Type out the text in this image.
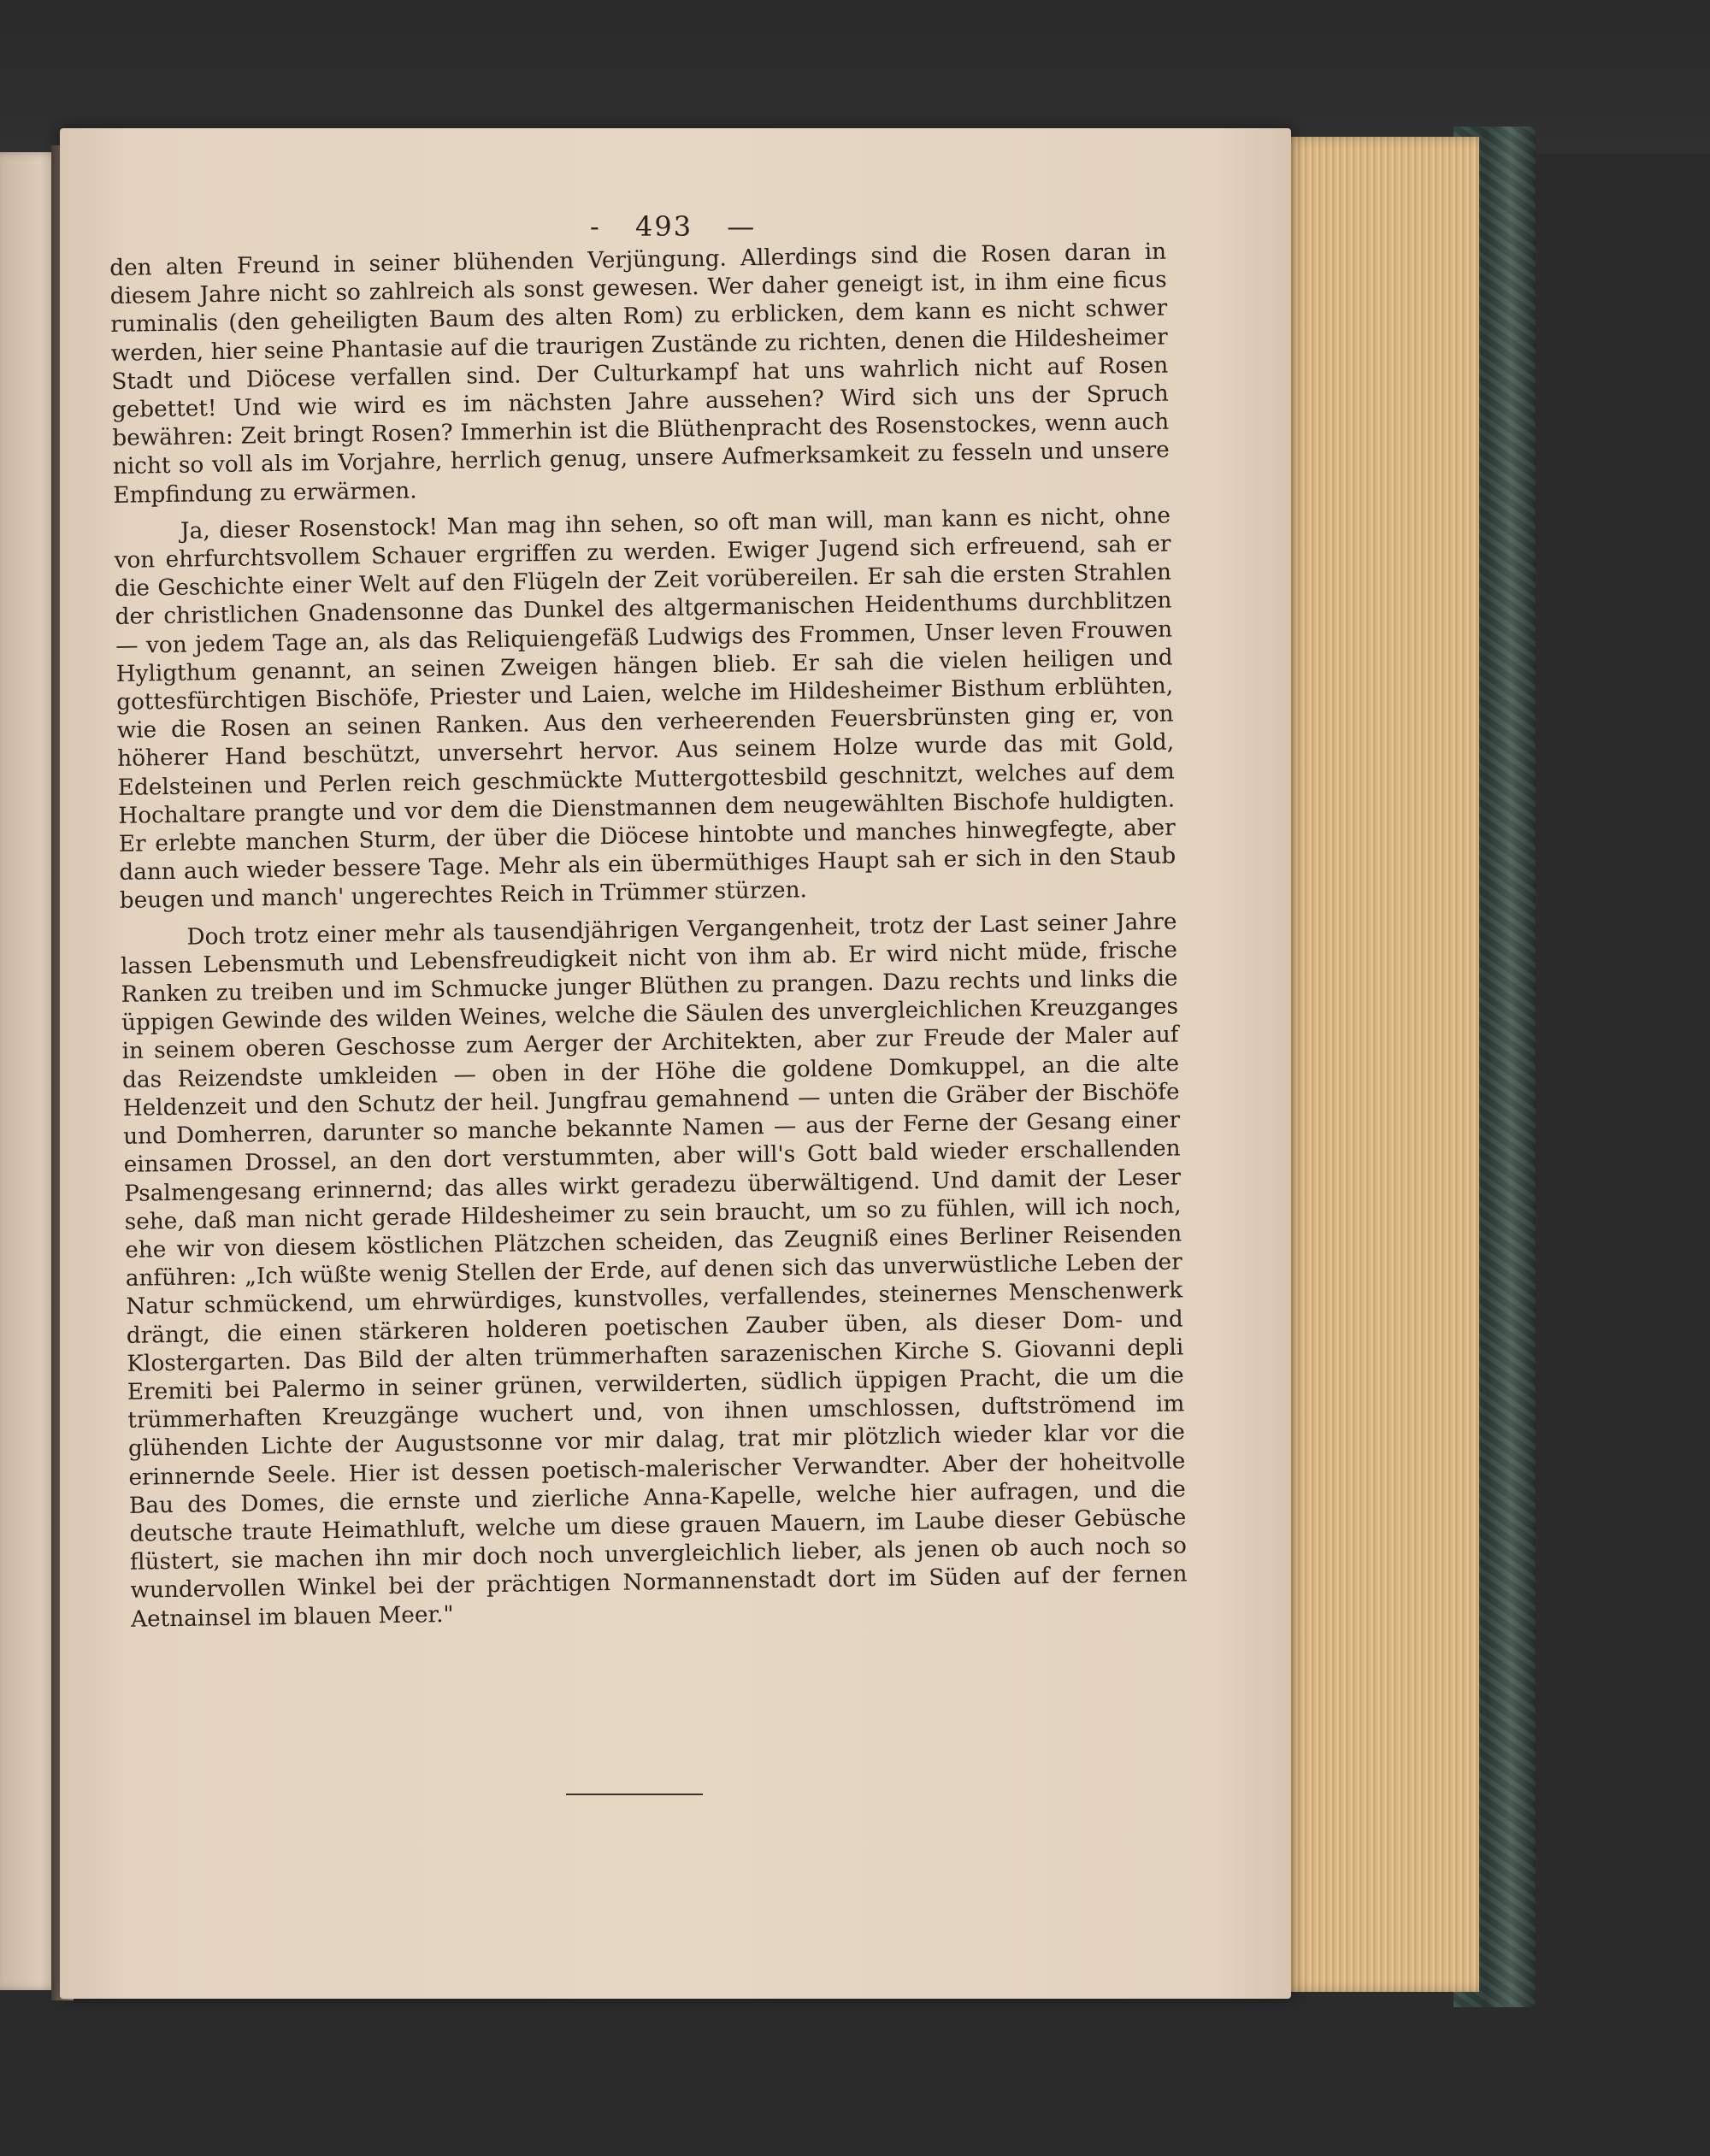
- 493 —

den alten Freund in seiner blühenden Verjüngung. Allerdings sind die Rosen daran in diesem Jahre nicht so zahlreich als sonst gewesen. Wer daher geneigt ist, in ihm eine ficus ruminalis (den geheiligten Baum des alten Rom) zu erblicken, dem kann es nicht schwer werden, hier seine Phantasie auf die traurigen Zustände zu richten, denen die Hildesheimer Stadt und Diöcese verfallen sind. Der Culturkampf hat uns wahrlich nicht auf Rosen gebettet! Und wie wird es im nächsten Jahre aussehen? Wird sich uns der Spruch bewähren: Zeit bringt Rosen? Immerhin ist die Blüthenpracht des Rosenstockes, wenn auch nicht so voll als im Vorjahre, herrlich genug, unsere Aufmerksamkeit zu fesseln und unsere Empfindung zu erwärmen.

Ja, dieser Rosenstock! Man mag ihn sehen, so oft man will, man kann es nicht, ohne von ehrfurchtsvollem Schauer ergriffen zu werden. Ewiger Jugend sich erfreuend, sah er die Geschichte einer Welt auf den Flügeln der Zeit vorübereilen. Er sah die ersten Strahlen der christlichen Gnadensonne das Dunkel des altgermanischen Heidenthums durchblitzen — von jedem Tage an, als das Reliquiengefäß Ludwigs des Frommen, Unser leven Frouwen Hyligthum genannt, an seinen Zweigen hängen blieb. Er sah die vielen heiligen und gottesfürchtigen Bischöfe, Priester und Laien, welche im Hildesheimer Bisthum erblühten, wie die Rosen an seinen Ranken. Aus den verheerenden Feuersbrünsten ging er, von höherer Hand beschützt, unversehrt hervor. Aus seinem Holze wurde das mit Gold, Edelsteinen und Perlen reich geschmückte Muttergottesbild geschnitzt, welches auf dem Hochaltare prangte und vor dem die Dienstmannen dem neugewählten Bischofe huldigten. Er erlebte manchen Sturm, der über die Diöcese hintobte und manches hinwegfegte, aber dann auch wieder bessere Tage. Mehr als ein übermüthiges Haupt sah er sich in den Staub beugen und manch' ungerechtes Reich in Trümmer stürzen.

Doch trotz einer mehr als tausendjährigen Vergangenheit, trotz der Last seiner Jahre lassen Lebensmuth und Lebensfreudigkeit nicht von ihm ab. Er wird nicht müde, frische Ranken zu treiben und im Schmucke junger Blüthen zu prangen. Dazu rechts und links die üppigen Gewinde des wilden Weines, welche die Säulen des unvergleichlichen Kreuzganges in seinem oberen Geschosse zum Aerger der Architekten, aber zur Freude der Maler auf das Reizendste umkleiden — oben in der Höhe die goldene Domkuppel, an die alte Heldenzeit und den Schutz der heil. Jungfrau gemahnend — unten die Gräber der Bischöfe und Domherren, darunter so manche bekannte Namen — aus der Ferne der Gesang einer einsamen Drossel, an den dort verstummten, aber will's Gott bald wieder erschallenden Psalmengesang erinnernd; das alles wirkt geradezu überwältigend. Und damit der Leser sehe, daß man nicht gerade Hildesheimer zu sein braucht, um so zu fühlen, will ich noch, ehe wir von diesem köstlichen Plätzchen scheiden, das Zeugniß eines Berliner Reisenden anführen: „Ich wüßte wenig Stellen der Erde, auf denen sich das unverwüstliche Leben der Natur schmückend, um ehrwürdiges, kunstvolles, verfallendes, steinernes Menschenwerk drängt, die einen stärkeren holderen poetischen Zauber üben, als dieser Dom- und Klostergarten. Das Bild der alten trümmerhaften sarazenischen Kirche S. Giovanni depli Eremiti bei Palermo in seiner grünen, verwilderten, südlich üppigen Pracht, die um die trümmerhaften Kreuzgänge wuchert und, von ihnen umschlossen, duftströmend im glühenden Lichte der Augustsonne vor mir dalag, trat mir plötzlich wieder klar vor die erinnernde Seele. Hier ist dessen poetisch-malerischer Verwandter. Aber der hoheitvolle Bau des Domes, die ernste und zierliche Anna-Kapelle, welche hier aufragen, und die deutsche traute Heimathluft, welche um diese grauen Mauern, im Laube dieser Gebüsche flüstert, sie machen ihn mir doch noch unvergleichlich lieber, als jenen ob auch noch so wundervollen Winkel bei der prächtigen Normannenstadt dort im Süden auf der fernen Aetnainsel im blauen Meer."
